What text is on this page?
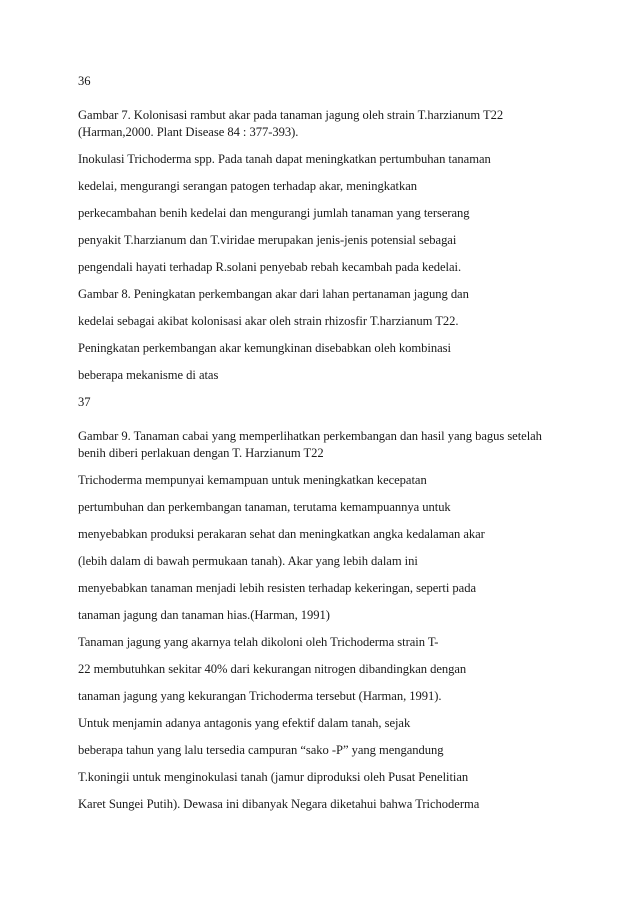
36
Gambar 7. Kolonisasi rambut akar pada tanaman jagung oleh strain T.harzianum T22
(Harman,2000. Plant Disease 84 : 377-393).
Inokulasi Trichoderma spp. Pada tanah dapat meningkatkan pertumbuhan tanaman
kedelai, mengurangi serangan patogen terhadap akar, meningkatkan
perkecambahan benih kedelai dan mengurangi jumlah tanaman yang terserang
penyakit T.harzianum dan T.viridae merupakan jenis-jenis potensial sebagai
pengendali hayati terhadap R.solani penyebab rebah kecambah pada kedelai.
Gambar 8. Peningkatan perkembangan akar dari lahan pertanaman jagung dan
kedelai sebagai akibat kolonisasi akar oleh strain rhizosfir T.harzianum T22.
Peningkatan perkembangan akar kemungkinan disebabkan oleh kombinasi
beberapa mekanisme di atas
37
Gambar 9. Tanaman cabai yang memperlihatkan perkembangan dan hasil yang bagus setelah
benih diberi perlakuan dengan T. Harzianum T22
Trichoderma mempunyai kemampuan untuk meningkatkan kecepatan
pertumbuhan dan perkembangan tanaman, terutama kemampuannya untuk
menyebabkan produksi perakaran sehat dan meningkatkan angka kedalaman akar
(lebih dalam di bawah permukaan tanah). Akar yang lebih dalam ini
menyebabkan tanaman menjadi lebih resisten terhadap kekeringan, seperti pada
tanaman jagung dan tanaman hias.(Harman, 1991)
Tanaman jagung yang akarnya telah dikoloni oleh Trichoderma strain T-
22 membutuhkan sekitar 40% dari kekurangan nitrogen dibandingkan dengan
tanaman jagung yang kekurangan Trichoderma tersebut (Harman, 1991).
Untuk menjamin adanya antagonis yang efektif dalam tanah, sejak
beberapa tahun yang lalu tersedia campuran “sako -P” yang mengandung
T.koningii untuk menginokulasi tanah (jamur diproduksi oleh Pusat Penelitian
Karet Sungei Putih). Dewasa ini dibanyak Negara diketahui bahwa Trichoderma
